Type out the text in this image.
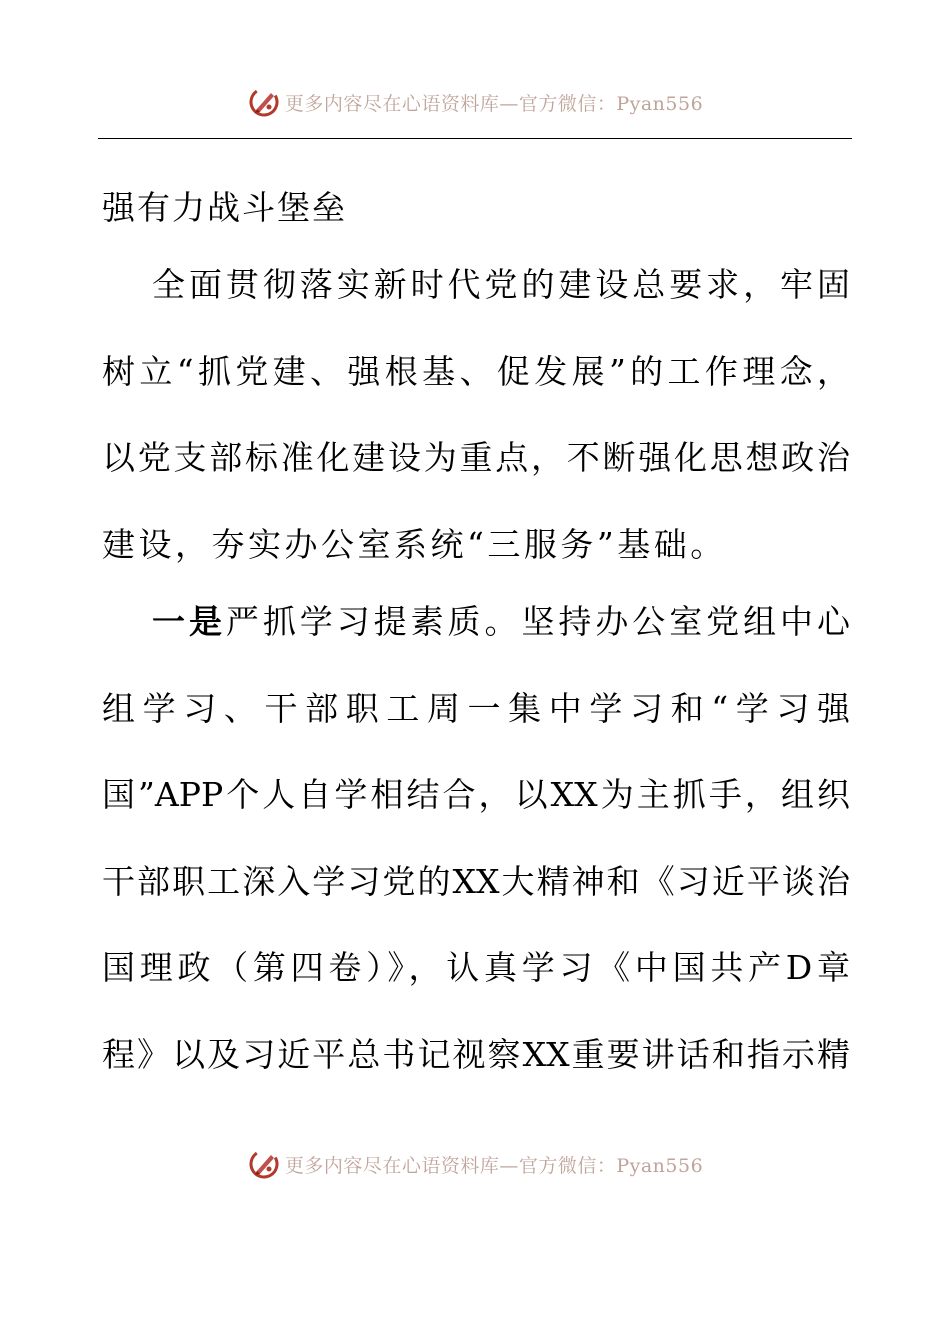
更多内容尽在心语资料库—官方微信：Pyan556
强有力战斗堡垒
全面贯彻落实新时代党的建设总要求，牢固
树立“抓党建、强根基、促发展”的工作理念，
以党支部标准化建设为重点，不断强化思想政治
建设，夯实办公室系统“三服务”基础。
一是严抓学习提素质。坚持办公室党组中心
组学习、干部职工周一集中学习和“学习强
国”APP个人自学相结合，以XX为主抓手，组织
干部职工深入学习党的XX大精神和《习近平谈治
国理政（第四卷）》，认真学习《中国共产D章
程》以及习近平总书记视察XX重要讲话和指示精
更多内容尽在心语资料库—官方微信：Pyan556
